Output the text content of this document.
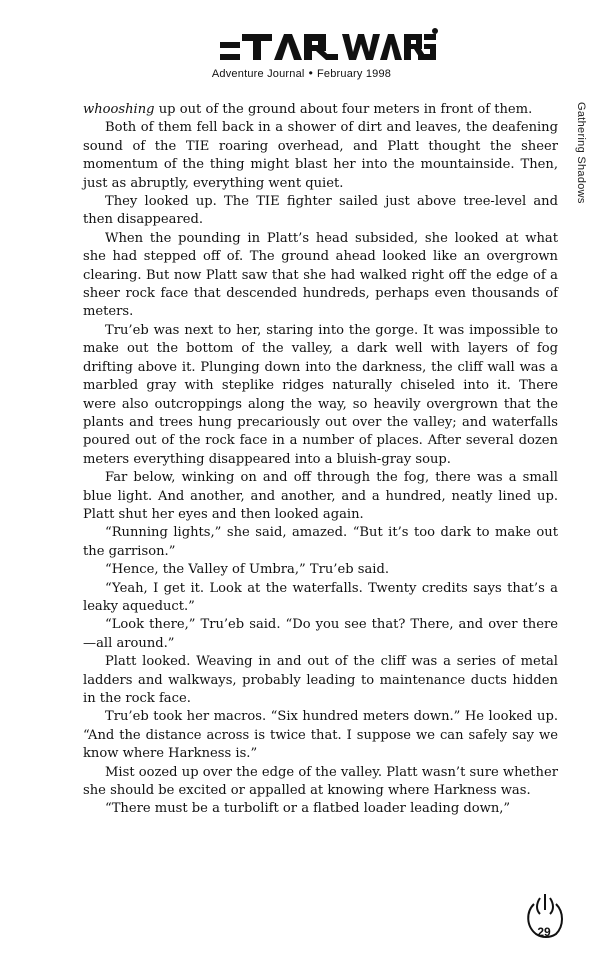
Adventure Journal • February 1998
Gathering Shadows

whooshing up out of the ground about four meters in front of them.

Both of them fell back in a shower of dirt and leaves, the deafening sound of the TIE roaring overhead, and Platt thought the sheer momentum of the thing might blast her into the mountainside. Then, just as abruptly, everything went quiet.

They looked up. The TIE fighter sailed just above tree-level and then disappeared.

When the pounding in Platt’s head subsided, she looked at what she had stepped off of. The ground ahead looked like an overgrown clearing. But now Platt saw that she had walked right off the edge of a sheer rock face that descended hundreds, perhaps even thousands of meters.

Tru’eb was next to her, staring into the gorge. It was impossible to make out the bottom of the valley, a dark well with layers of fog drifting above it. Plunging down into the darkness, the cliff wall was a marbled gray with steplike ridges naturally chiseled into it. There were also outcroppings along the way, so heavily overgrown that the plants and trees hung precariously out over the valley; and waterfalls poured out of the rock face in a number of places. After several dozen meters everything disappeared into a bluish-gray soup.

Far below, winking on and off through the fog, there was a small blue light. And another, and another, and a hundred, neatly lined up. Platt shut her eyes and then looked again.

“Running lights,” she said, amazed. “But it’s too dark to make out the garrison.”

“Hence, the Valley of Umbra,” Tru’eb said.

“Yeah, I get it. Look at the waterfalls. Twenty credits says that’s a leaky aqueduct.”

“Look there,” Tru’eb said. “Do you see that? There, and over there—all around.”

Platt looked. Weaving in and out of the cliff was a series of metal ladders and walkways, probably leading to maintenance ducts hidden in the rock face.

Tru’eb took her macros. “Six hundred meters down.” He looked up. “And the distance across is twice that. I suppose we can safely say we know where Harkness is.”

Mist oozed up over the edge of the valley. Platt wasn’t sure whether she should be excited or appalled at knowing where Harkness was.

“There must be a turbolift or a flatbed loader leading down,”

29
